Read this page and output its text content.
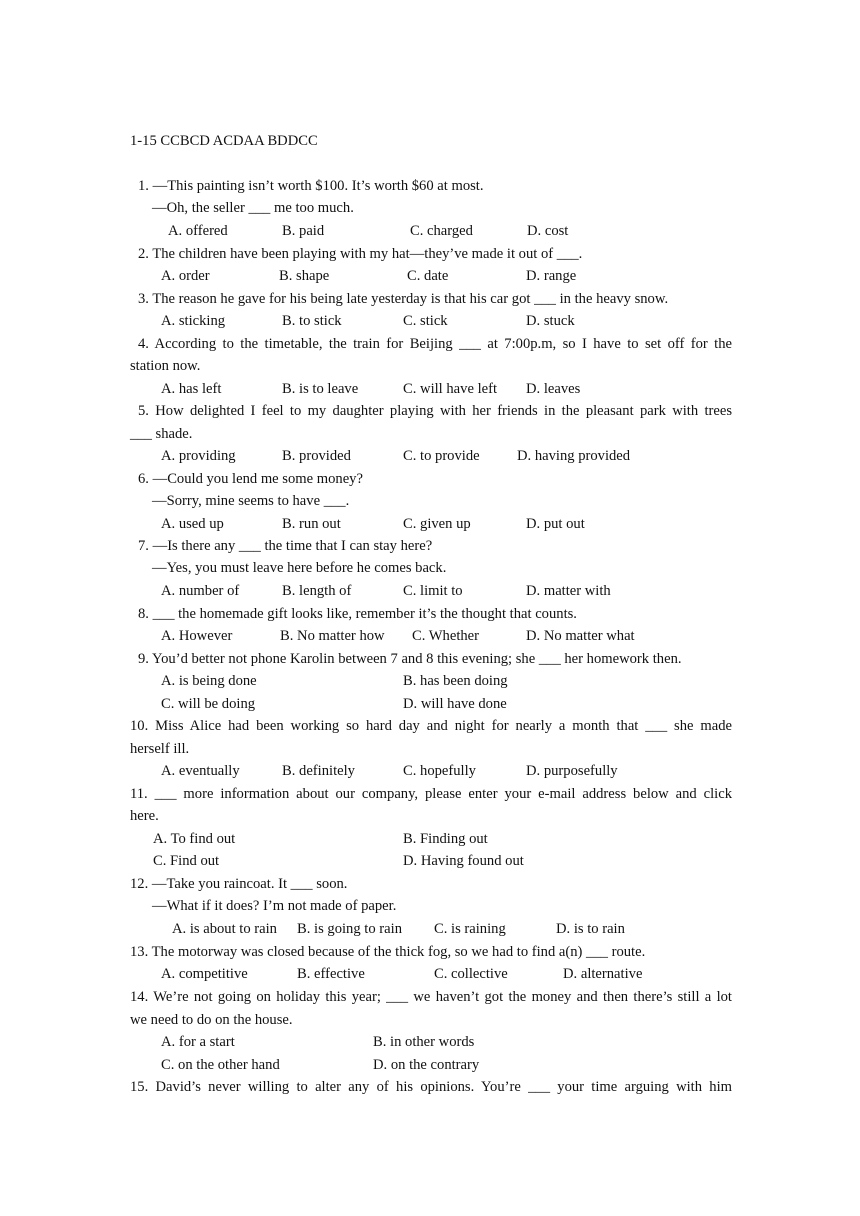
1-15 CCBCD ACDAA BDDCC
1. —This painting isn’t worth $100. It’s worth $60 at most.
—Oh, the seller ___ me too much.
A. offered	B. paid	C. charged	D. cost
2. The children have been playing with my hat—they’ve made it out of ___.
A. order	B. shape	C. date	D. range
3. The reason he gave for his being late yesterday is that his car got ___ in the heavy snow.
A. sticking	B. to stick	C. stick	D. stuck
4. According to the timetable, the train for Beijing ___ at 7:00p.m, so I have to set off for the
station now.
A. has left	B. is to leave	C. will have left D. leaves
5. How delighted I feel to my daughter playing with her friends in the pleasant park with trees
___ shade.
A. providing	B. provided	C. to provide	D. having provided
6. —Could you lend me some money?
—Sorry, mine seems to have ___.
A. used up	B. run out	C. given up	D. put out
7. —Is there any ___ the time that I can stay here?
—Yes, you must leave here before he comes back.
A. number of	B. length of	C. limit to	D. matter with
8. ___ the homemade gift looks like, remember it’s the thought that counts.
A. However	B. No matter how C. Whether	D. No matter what
9. You’d better not phone Karolin between 7 and 8 this evening; she ___ her homework then.
A. is being done	B. has been doing
C. will be doing	D. will have done
10. Miss Alice had been working so hard day and night for nearly a month that ___ she made
herself ill.
A. eventually	B. definitely	C. hopefully	D. purposefully
11. ___ more information about our company, please enter your e-mail address below and click
here.
A. To find out	B. Finding out
C. Find out	D. Having found out
12. —Take you raincoat. It ___ soon.
—What if it does? I’m not made of paper.
A. is about to rain B. is going to rain C. is raining	D. is to rain
13. The motorway was closed because of the thick fog, so we had to find a(n) ___ route.
A. competitive	B. effective	C. collective	D. alternative
14. We’re not going on holiday this year; ___ we haven’t got the money and then there’s still a lot
we need to do on the house.
A. for a start	B. in other words
C. on the other hand	D. on the contrary
15. David’s never willing to alter any of his opinions. You’re ___ your time arguing with him
